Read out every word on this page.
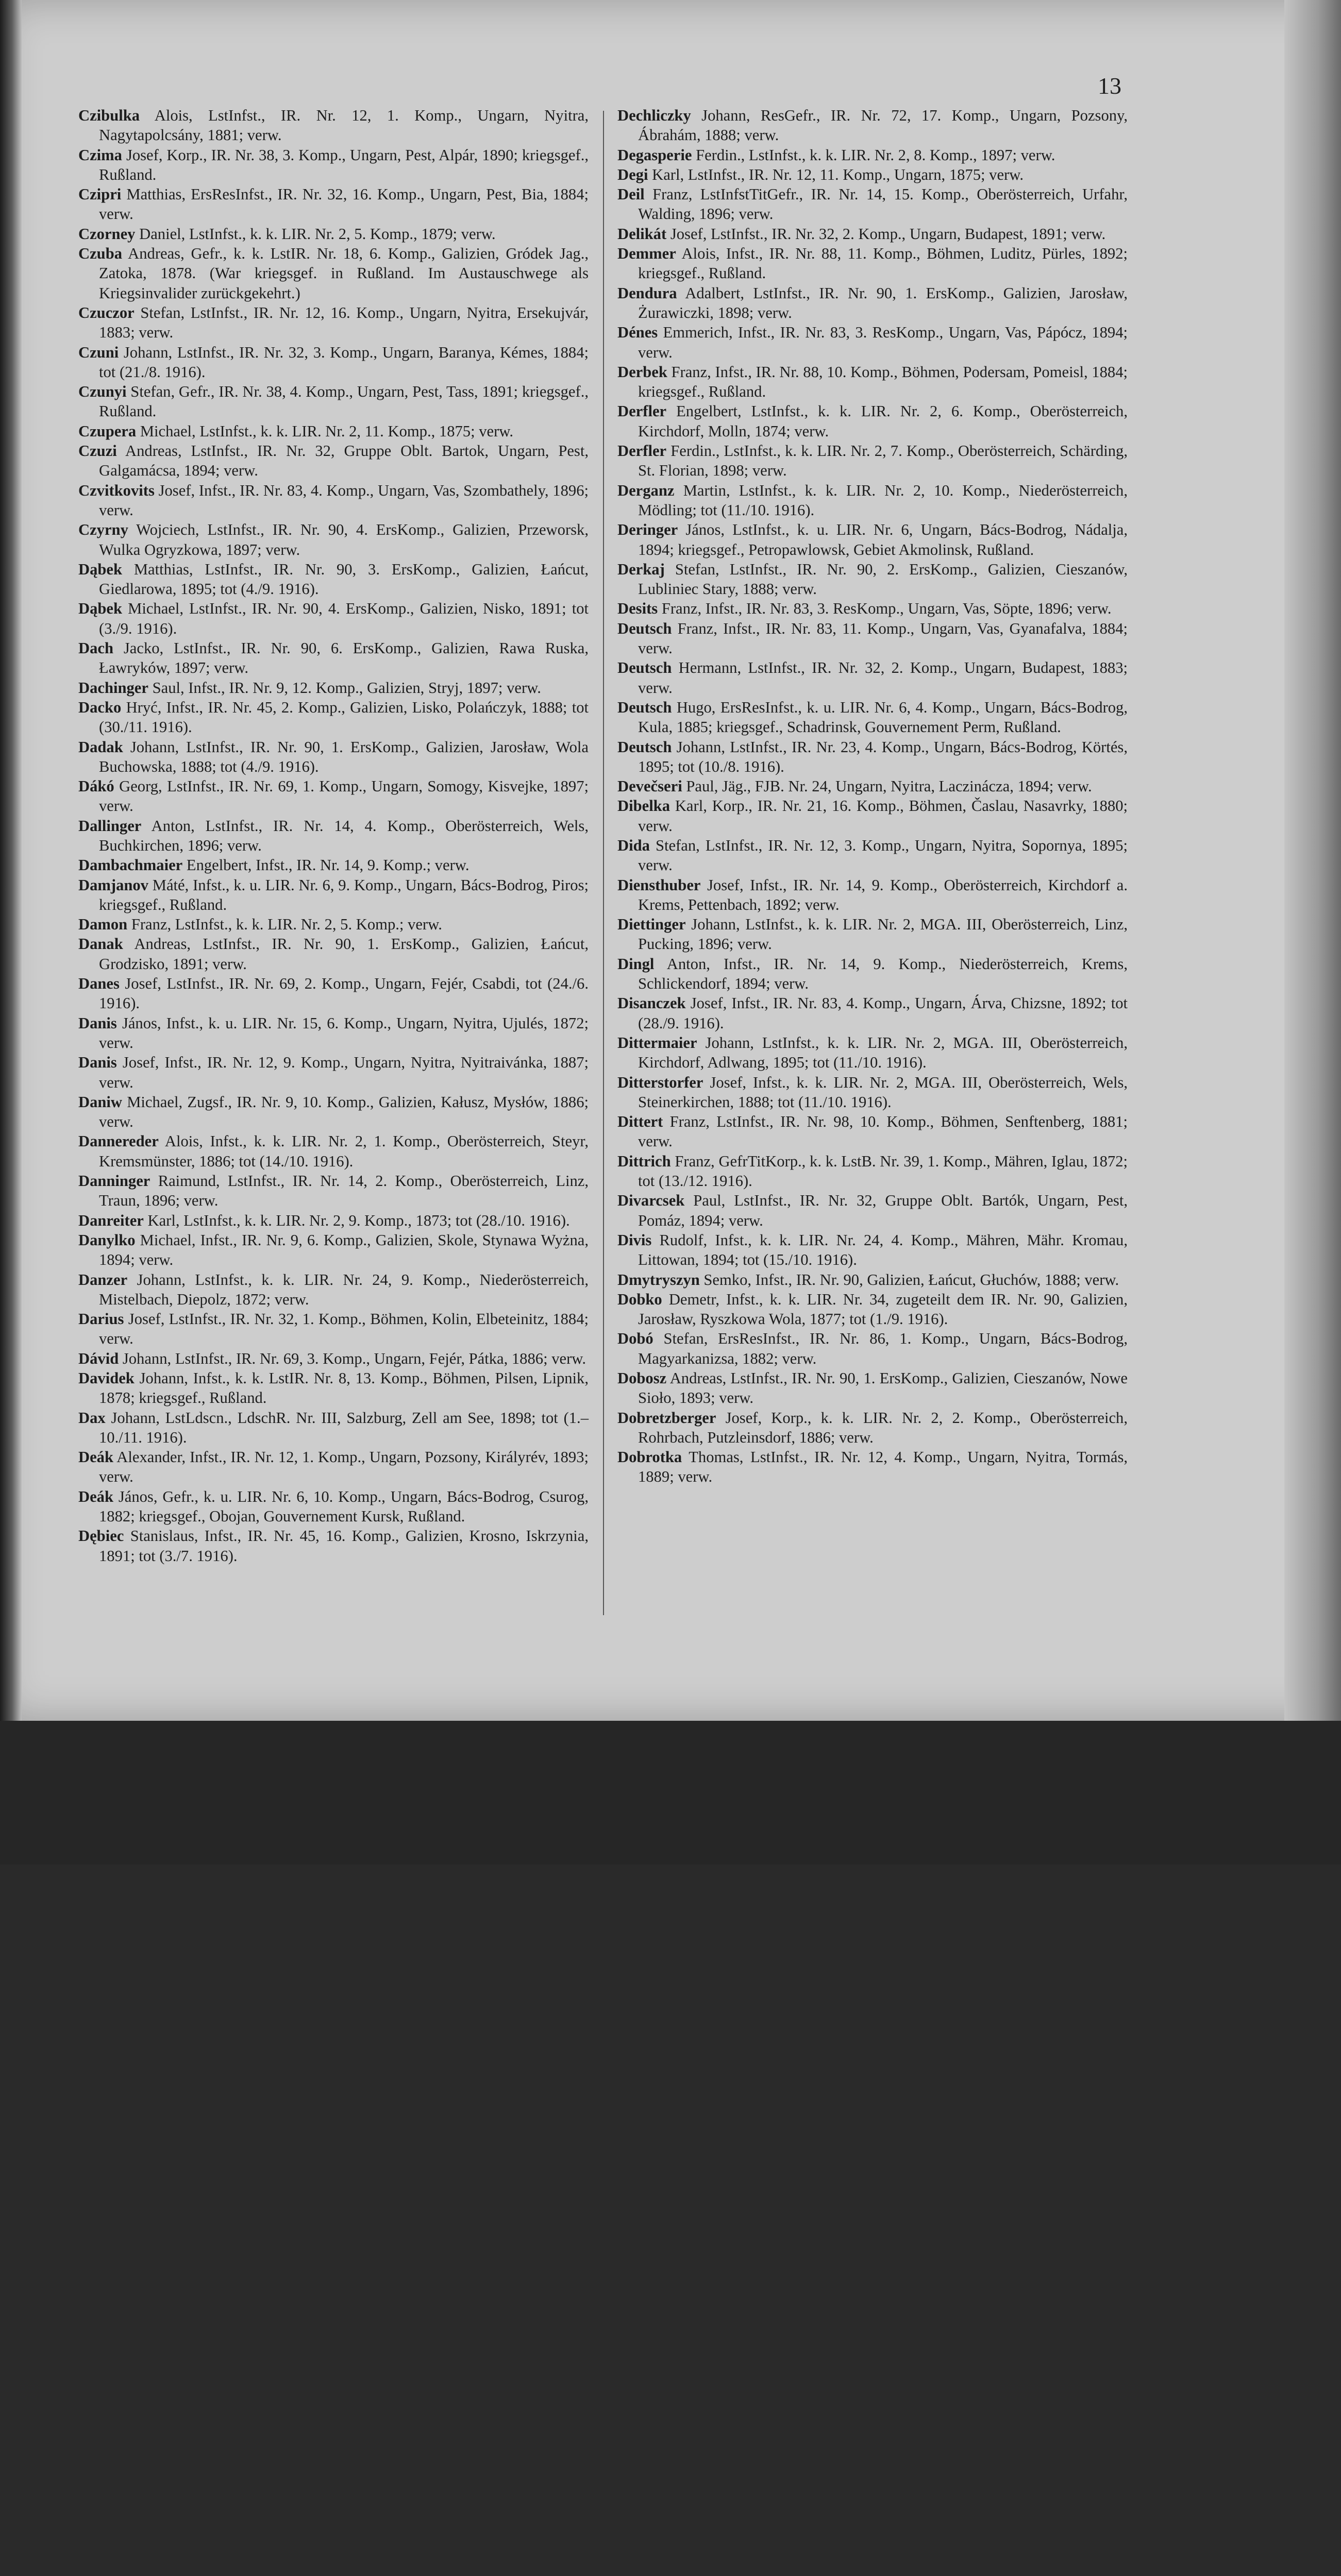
13

Czibulka Alois, LstInfst., IR. Nr. 12, 1. Komp., Ungarn, Nyitra, Nagytapolcsány, 1881; verw.

Czima Josef, Korp., IR. Nr. 38, 3. Komp., Ungarn, Pest, Alpár, 1890; kriegsgef., Rußland.

Czipri Matthias, ErsResInfst., IR. Nr. 32, 16. Komp., Ungarn, Pest, Bia, 1884; verw.

Czorney Daniel, LstInfst., k. k. LIR. Nr. 2, 5. Komp., 1879; verw.

Czuba Andreas, Gefr., k. k. LstIR. Nr. 18, 6. Komp., Galizien, Gródek Jag., Zatoka, 1878. (War kriegsgef. in Rußland. Im Austauschwege als Kriegsinvalider zurückgekehrt.)

Czuczor Stefan, LstInfst., IR. Nr. 12, 16. Komp., Ungarn, Nyitra, Ersekujvár, 1883; verw.

Czuni Johann, LstInfst., IR. Nr. 32, 3. Komp., Ungarn, Baranya, Kémes, 1884; tot (21./8. 1916).

Czunyi Stefan, Gefr., IR. Nr. 38, 4. Komp., Ungarn, Pest, Tass, 1891; kriegsgef., Rußland.

Czupera Michael, LstInfst., k. k. LIR. Nr. 2, 11. Komp., 1875; verw.

Czuzi Andreas, LstInfst., IR. Nr. 32, Gruppe Oblt. Bartok, Ungarn, Pest, Galgamácsa, 1894; verw.

Czvitkovits Josef, Infst., IR. Nr. 83, 4. Komp., Ungarn, Vas, Szombathely, 1896; verw.

Czyrny Wojciech, LstInfst., IR. Nr. 90, 4. ErsKomp., Galizien, Przeworsk, Wulka Ogryzkowa, 1897; verw.

Dąbek Matthias, LstInfst., IR. Nr. 90, 3. ErsKomp., Galizien, Łańcut, Giedlarowa, 1895; tot (4./9. 1916).

Dąbek Michael, LstInfst., IR. Nr. 90, 4. ErsKomp., Galizien, Nisko, 1891; tot (3./9. 1916).

Dach Jacko, LstInfst., IR. Nr. 90, 6. ErsKomp., Galizien, Rawa Ruska, Ławryków, 1897; verw.

Dachinger Saul, Infst., IR. Nr. 9, 12. Komp., Galizien, Stryj, 1897; verw.

Dacko Hryć, Infst., IR. Nr. 45, 2. Komp., Galizien, Lisko, Polańczyk, 1888; tot (30./11. 1916).

Dadak Johann, LstInfst., IR. Nr. 90, 1. ErsKomp., Galizien, Jarosław, Wola Buchowska, 1888; tot (4./9. 1916).

Dákó Georg, LstInfst., IR. Nr. 69, 1. Komp., Ungarn, Somogy, Kisvejke, 1897; verw.

Dallinger Anton, LstInfst., IR. Nr. 14, 4. Komp., Oberösterreich, Wels, Buchkirchen, 1896; verw.

Dambachmaier Engelbert, Infst., IR. Nr. 14, 9. Komp.; verw.

Damjanov Máté, Infst., k. u. LIR. Nr. 6, 9. Komp., Ungarn, Bács-Bodrog, Piros; kriegsgef., Rußland.

Damon Franz, LstInfst., k. k. LIR. Nr. 2, 5. Komp.; verw.

Danak Andreas, LstInfst., IR. Nr. 90, 1. ErsKomp., Galizien, Łańcut, Grodzisko, 1891; verw.

Danes Josef, LstInfst., IR. Nr. 69, 2. Komp., Ungarn, Fejér, Csabdi, tot (24./6. 1916).

Danis János, Infst., k. u. LIR. Nr. 15, 6. Komp., Ungarn, Nyitra, Ujulés, 1872; verw.

Danis Josef, Infst., IR. Nr. 12, 9. Komp., Ungarn, Nyitra, Nyitraivánka, 1887; verw.

Daniw Michael, Zugsf., IR. Nr. 9, 10. Komp., Galizien, Kałusz, Mysłów, 1886; verw.

Dannereder Alois, Infst., k. k. LIR. Nr. 2, 1. Komp., Oberösterreich, Steyr, Kremsmünster, 1886; tot (14./10. 1916).

Danninger Raimund, LstInfst., IR. Nr. 14, 2. Komp., Oberösterreich, Linz, Traun, 1896; verw.

Danreiter Karl, LstInfst., k. k. LIR. Nr. 2, 9. Komp., 1873; tot (28./10. 1916).

Danylko Michael, Infst., IR. Nr. 9, 6. Komp., Galizien, Skole, Stynawa Wyżna, 1894; verw.

Danzer Johann, LstInfst., k. k. LIR. Nr. 24, 9. Komp., Niederösterreich, Mistelbach, Diepolz, 1872; verw.

Darius Josef, LstInfst., IR. Nr. 32, 1. Komp., Böhmen, Kolin, Elbeteinitz, 1884; verw.

Dávid Johann, LstInfst., IR. Nr. 69, 3. Komp., Ungarn, Fejér, Pátka, 1886; verw.

Davidek Johann, Infst., k. k. LstIR. Nr. 8, 13. Komp., Böhmen, Pilsen, Lipnik, 1878; kriegsgef., Rußland.

Dax Johann, LstLdscn., LdschR. Nr. III, Salzburg, Zell am See, 1898; tot (1.–10./11. 1916).

Deák Alexander, Infst., IR. Nr. 12, 1. Komp., Ungarn, Pozsony, Királyrév, 1893; verw.

Deák János, Gefr., k. u. LIR. Nr. 6, 10. Komp., Ungarn, Bács-Bodrog, Csurog, 1882; kriegsgef., Obojan, Gouvernement Kursk, Rußland.

Dębiec Stanislaus, Infst., IR. Nr. 45, 16. Komp., Galizien, Krosno, Iskrzynia, 1891; tot (3./7. 1916).

Dechliczky Johann, ResGefr., IR. Nr. 72, 17. Komp., Ungarn, Pozsony, Ábrahám, 1888; verw.

Degasperie Ferdin., LstInfst., k. k. LIR. Nr. 2, 8. Komp., 1897; verw.

Degi Karl, LstInfst., IR. Nr. 12, 11. Komp., Ungarn, 1875; verw.

Deil Franz, LstInfstTitGefr., IR. Nr. 14, 15. Komp., Oberösterreich, Urfahr, Walding, 1896; verw.

Delikát Josef, LstInfst., IR. Nr. 32, 2. Komp., Ungarn, Budapest, 1891; verw.

Demmer Alois, Infst., IR. Nr. 88, 11. Komp., Böhmen, Luditz, Pürles, 1892; kriegsgef., Rußland.

Dendura Adalbert, LstInfst., IR. Nr. 90, 1. ErsKomp., Galizien, Jarosław, Żurawiczki, 1898; verw.

Dénes Emmerich, Infst., IR. Nr. 83, 3. ResKomp., Ungarn, Vas, Pápócz, 1894; verw.

Derbek Franz, Infst., IR. Nr. 88, 10. Komp., Böhmen, Podersam, Pomeisl, 1884; kriegsgef., Rußland.

Derfler Engelbert, LstInfst., k. k. LIR. Nr. 2, 6. Komp., Oberösterreich, Kirchdorf, Molln, 1874; verw.

Derfler Ferdin., LstInfst., k. k. LIR. Nr. 2, 7. Komp., Oberösterreich, Schärding, St. Florian, 1898; verw.

Derganz Martin, LstInfst., k. k. LIR. Nr. 2, 10. Komp., Niederösterreich, Mödling; tot (11./10. 1916).

Deringer János, LstInfst., k. u. LIR. Nr. 6, Ungarn, Bács-Bodrog, Nádalja, 1894; kriegsgef., Petropawlowsk, Gebiet Akmolinsk, Rußland.

Derkaj Stefan, LstInfst., IR. Nr. 90, 2. ErsKomp., Galizien, Cieszanów, Lubliniec Stary, 1888; verw.

Desits Franz, Infst., IR. Nr. 83, 3. ResKomp., Ungarn, Vas, Söpte, 1896; verw.

Deutsch Franz, Infst., IR. Nr. 83, 11. Komp., Ungarn, Vas, Gyanafalva, 1884; verw.

Deutsch Hermann, LstInfst., IR. Nr. 32, 2. Komp., Ungarn, Budapest, 1883; verw.

Deutsch Hugo, ErsResInfst., k. u. LIR. Nr. 6, 4. Komp., Ungarn, Bács-Bodrog, Kula, 1885; kriegsgef., Schadrinsk, Gouvernement Perm, Rußland.

Deutsch Johann, LstInfst., IR. Nr. 23, 4. Komp., Ungarn, Bács-Bodrog, Körtés, 1895; tot (10./8. 1916).

Devečseri Paul, Jäg., FJB. Nr. 24, Ungarn, Nyitra, Laczinácza, 1894; verw.

Dibelka Karl, Korp., IR. Nr. 21, 16. Komp., Böhmen, Časlau, Nasavrky, 1880; verw.

Dida Stefan, LstInfst., IR. Nr. 12, 3. Komp., Ungarn, Nyitra, Sopornya, 1895; verw.

Diensthuber Josef, Infst., IR. Nr. 14, 9. Komp., Oberösterreich, Kirchdorf a. Krems, Pettenbach, 1892; verw.

Diettinger Johann, LstInfst., k. k. LIR. Nr. 2, MGA. III, Oberösterreich, Linz, Pucking, 1896; verw.

Dingl Anton, Infst., IR. Nr. 14, 9. Komp., Niederösterreich, Krems, Schlickendorf, 1894; verw.

Disanczek Josef, Infst., IR. Nr. 83, 4. Komp., Ungarn, Árva, Chizsne, 1892; tot (28./9. 1916).

Dittermaier Johann, LstInfst., k. k. LIR. Nr. 2, MGA. III, Oberösterreich, Kirchdorf, Adlwang, 1895; tot (11./10. 1916).

Ditterstorfer Josef, Infst., k. k. LIR. Nr. 2, MGA. III, Oberösterreich, Wels, Steinerkirchen, 1888; tot (11./10. 1916).

Dittert Franz, LstInfst., IR. Nr. 98, 10. Komp., Böhmen, Senftenberg, 1881; verw.

Dittrich Franz, GefrTitKorp., k. k. LstB. Nr. 39, 1. Komp., Mähren, Iglau, 1872; tot (13./12. 1916).

Divarcsek Paul, LstInfst., IR. Nr. 32, Gruppe Oblt. Bartók, Ungarn, Pest, Pomáz, 1894; verw.

Divis Rudolf, Infst., k. k. LIR. Nr. 24, 4. Komp., Mähren, Mähr. Kromau, Littowan, 1894; tot (15./10. 1916).

Dmytryszyn Semko, Infst., IR. Nr. 90, Galizien, Łańcut, Głuchów, 1888; verw.

Dobko Demetr, Infst., k. k. LIR. Nr. 34, zugeteilt dem IR. Nr. 90, Galizien, Jarosław, Ryszkowa Wola, 1877; tot (1./9. 1916).

Dobó Stefan, ErsResInfst., IR. Nr. 86, 1. Komp., Ungarn, Bács-Bodrog, Magyarkanizsa, 1882; verw.

Dobosz Andreas, LstInfst., IR. Nr. 90, 1. ErsKomp., Galizien, Cieszanów, Nowe Sioło, 1893; verw.

Dobretzberger Josef, Korp., k. k. LIR. Nr. 2, 2. Komp., Oberösterreich, Rohrbach, Putzleinsdorf, 1886; verw.

Dobrotka Thomas, LstInfst., IR. Nr. 12, 4. Komp., Ungarn, Nyitra, Tormás, 1889; verw.
